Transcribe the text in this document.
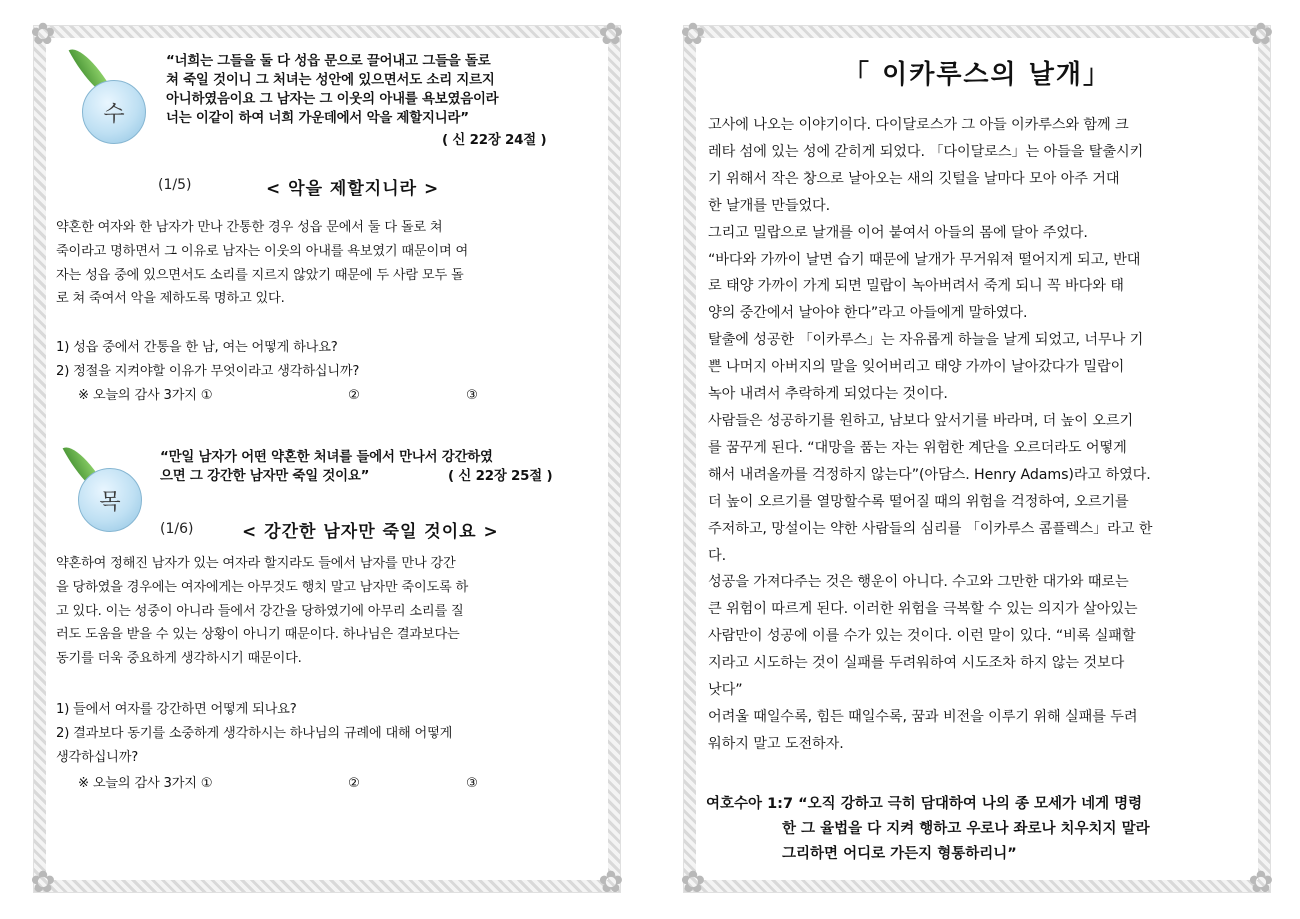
✿	✿
✿	✿
수
“너희는 그들을 둘 다 성읍 문으로 끌어내고 그들을 돌로
쳐 죽일 것이니 그 처녀는 성안에 있으면서도 소리 지르지
아니하였음이요 그 남자는 그 이웃의 아내를 욕보였음이라
너는 이같이 하여 너희 가운데에서 악을 제할지니라”
( 신 22장 24절 )
(1/5)	< 악을 제할지니라 >
약혼한 여자와 한 남자가 만나 간통한 경우 성읍 문에서 둘 다 돌로 쳐
죽이라고 명하면서 그 이유로 남자는 이웃의 아내를 욕보였기 때문이며 여
자는 성읍 중에 있으면서도 소리를 지르지 않았기 때문에 두 사람 모두 돌
로 쳐 죽여서 악을 제하도록 명하고 있다.
1) 성읍 중에서 간통을 한 남, 여는 어떻게 하나요?
2) 정절을 지켜야할 이유가 무엇이라고 생각하십니까?
※ 오늘의 감사 3가지 ①	②	③
목
“만일 남자가 어떤 약혼한 처녀를 들에서 만나서 강간하였
으면 그 강간한 남자만 죽일 것이요”	( 신 22장 25절 )
(1/6)	< 강간한 남자만 죽일 것이요 >
약혼하여 정해진 남자가 있는 여자라 할지라도 들에서 남자를 만나 강간
을 당하였을 경우에는 여자에게는 아무것도 행치 말고 남자만 죽이도록 하
고 있다. 이는 성중이 아니라 들에서 강간을 당하였기에 아무리 소리를 질
러도 도움을 받을 수 있는 상황이 아니기 때문이다. 하나님은 결과보다는
동기를 더욱 중요하게 생각하시기 때문이다.
1) 들에서 여자를 강간하면 어떻게 되나요?
2) 결과보다 동기를 소중하게 생각하시는 하나님의 규례에 대해 어떻게
생각하십니까?
※ 오늘의 감사 3가지 ①	②	③
✿	✿
✿	✿
「 이카루스의 날개」
고사에 나오는 이야기이다. 다이달로스가 그 아들 이카루스와 함께 크
레타 섬에 있는 성에 갇히게 되었다. 「다이달로스」는 아들을 탈출시키
기 위해서 작은 창으로 날아오는 새의 깃털을 날마다 모아 아주 거대
한 날개를 만들었다.
그리고 밀랍으로 날개를 이어 붙여서 아들의 몸에 달아 주었다.
“바다와 가까이 날면 습기 때문에 날개가 무거워져 떨어지게 되고, 반대
로 태양 가까이 가게 되면 밀랍이 녹아버려서 죽게 되니 꼭 바다와 태
양의 중간에서 날아야 한다”라고 아들에게 말하였다.
탈출에 성공한 「이카루스」는 자유롭게 하늘을 날게 되었고, 너무나 기
쁜 나머지 아버지의 말을 잊어버리고 태양 가까이 날아갔다가 밀랍이
녹아 내려서 추락하게 되었다는 것이다.
사람들은 성공하기를 원하고, 남보다 앞서기를 바라며, 더 높이 오르기
를 꿈꾸게 된다. “대망을 품는 자는 위험한 계단을 오르더라도 어떻게
해서 내려올까를 걱정하지 않는다”(아담스. Henry Adams)라고 하였다.
더 높이 오르기를 열망할수록 떨어질 때의 위험을 걱정하여, 오르기를
주저하고, 망설이는 약한 사람들의 심리를 「이카루스 콤플렉스」라고 한
다.
성공을 가져다주는 것은 행운이 아니다. 수고와 그만한 대가와 때로는
큰 위험이 따르게 된다. 이러한 위험을 극복할 수 있는 의지가 살아있는
사람만이 성공에 이를 수가 있는 것이다. 이런 말이 있다. “비록 실패할
지라고 시도하는 것이 실패를 두려워하여 시도조차 하지 않는 것보다
낫다”
어려울 때일수록, 힘든 때일수록, 꿈과 비전을 이루기 위해 실패를 두려
워하지 말고 도전하자.
여호수아 1:7 “오직 강하고 극히 담대하여 나의 종 모세가 네게 명령
한 그 율법을 다 지켜 행하고 우로나 좌로나 치우치지 말라
그리하면 어디로 가든지 형통하리니”
